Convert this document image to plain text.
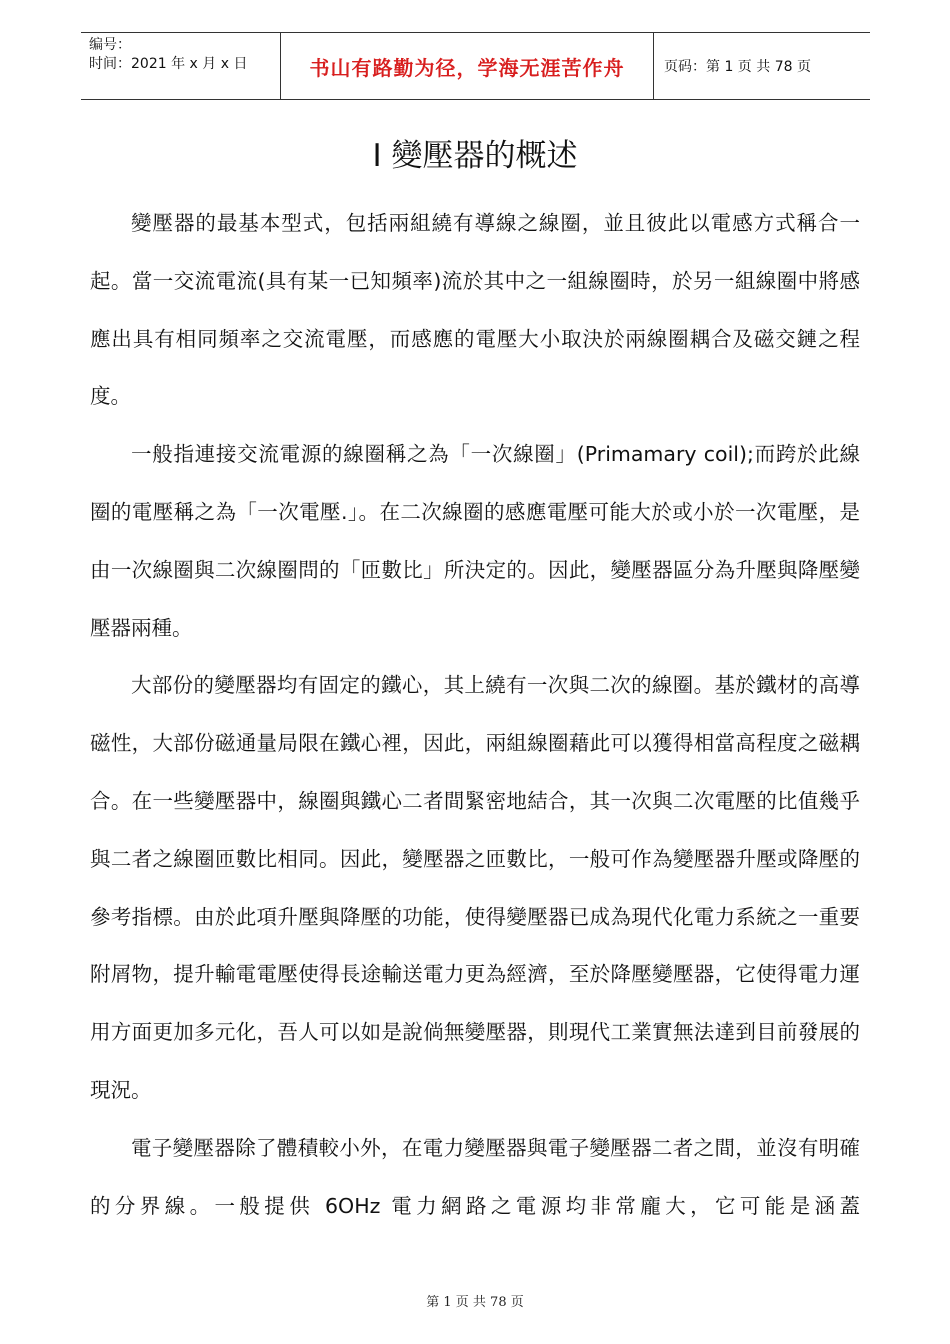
编号：
时间：2021 年 x 月 x 日	书山有路勤为径，学海无涯苦作舟	页码：第 1 页 共 78 页
I 變壓器的概述

變壓器的最基本型式，包括兩組繞有導線之線圈，並且彼此以電感方式稱合一起。當一交流電流(具有某一已知頻率)流於其中之一組線圈時，於另一組線圈中將感應出具有相同頻率之交流電壓，而感應的電壓大小取決於兩線圈耦合及磁交鏈之程度。

一般指連接交流電源的線圈稱之為「一次線圈」(Primamary coil);而跨於此線圈的電壓稱之為「一次電壓.」。在二次線圈的感應電壓可能大於或小於一次電壓，是由一次線圈與二次線圈問的「匝數比」所決定的。因此，變壓器區分為升壓與降壓變壓器兩種。

大部份的變壓器均有固定的鐵心，其上繞有一次與二次的線圈。基於鐵材的高導磁性，大部份磁通量局限在鐵心裡，因此，兩組線圈藉此可以獲得相當高程度之磁耦合。在一些變壓器中，線圈與鐵心二者間緊密地結合，其一次與二次電壓的比值幾乎與二者之線圈匝數比相同。因此，變壓器之匝數比，一般可作為變壓器升壓或降壓的參考指標。由於此項升壓與降壓的功能，使得變壓器已成為現代化電力系統之一重要附屑物，提升輸電電壓使得長途輸送電力更為經濟，至於降壓變壓器，它使得電力運用方面更加多元化，吾人可以如是說倘無變壓器，則現代工業實無法達到目前發展的現況。

電子變壓器除了體積較小外，在電力變壓器與電子變壓器二者之間，並沒有明確的分界線。一般提供 6OHz 電力網路之電源均非常龐大，它可能是涵蓋

第 1 页 共 78 页
